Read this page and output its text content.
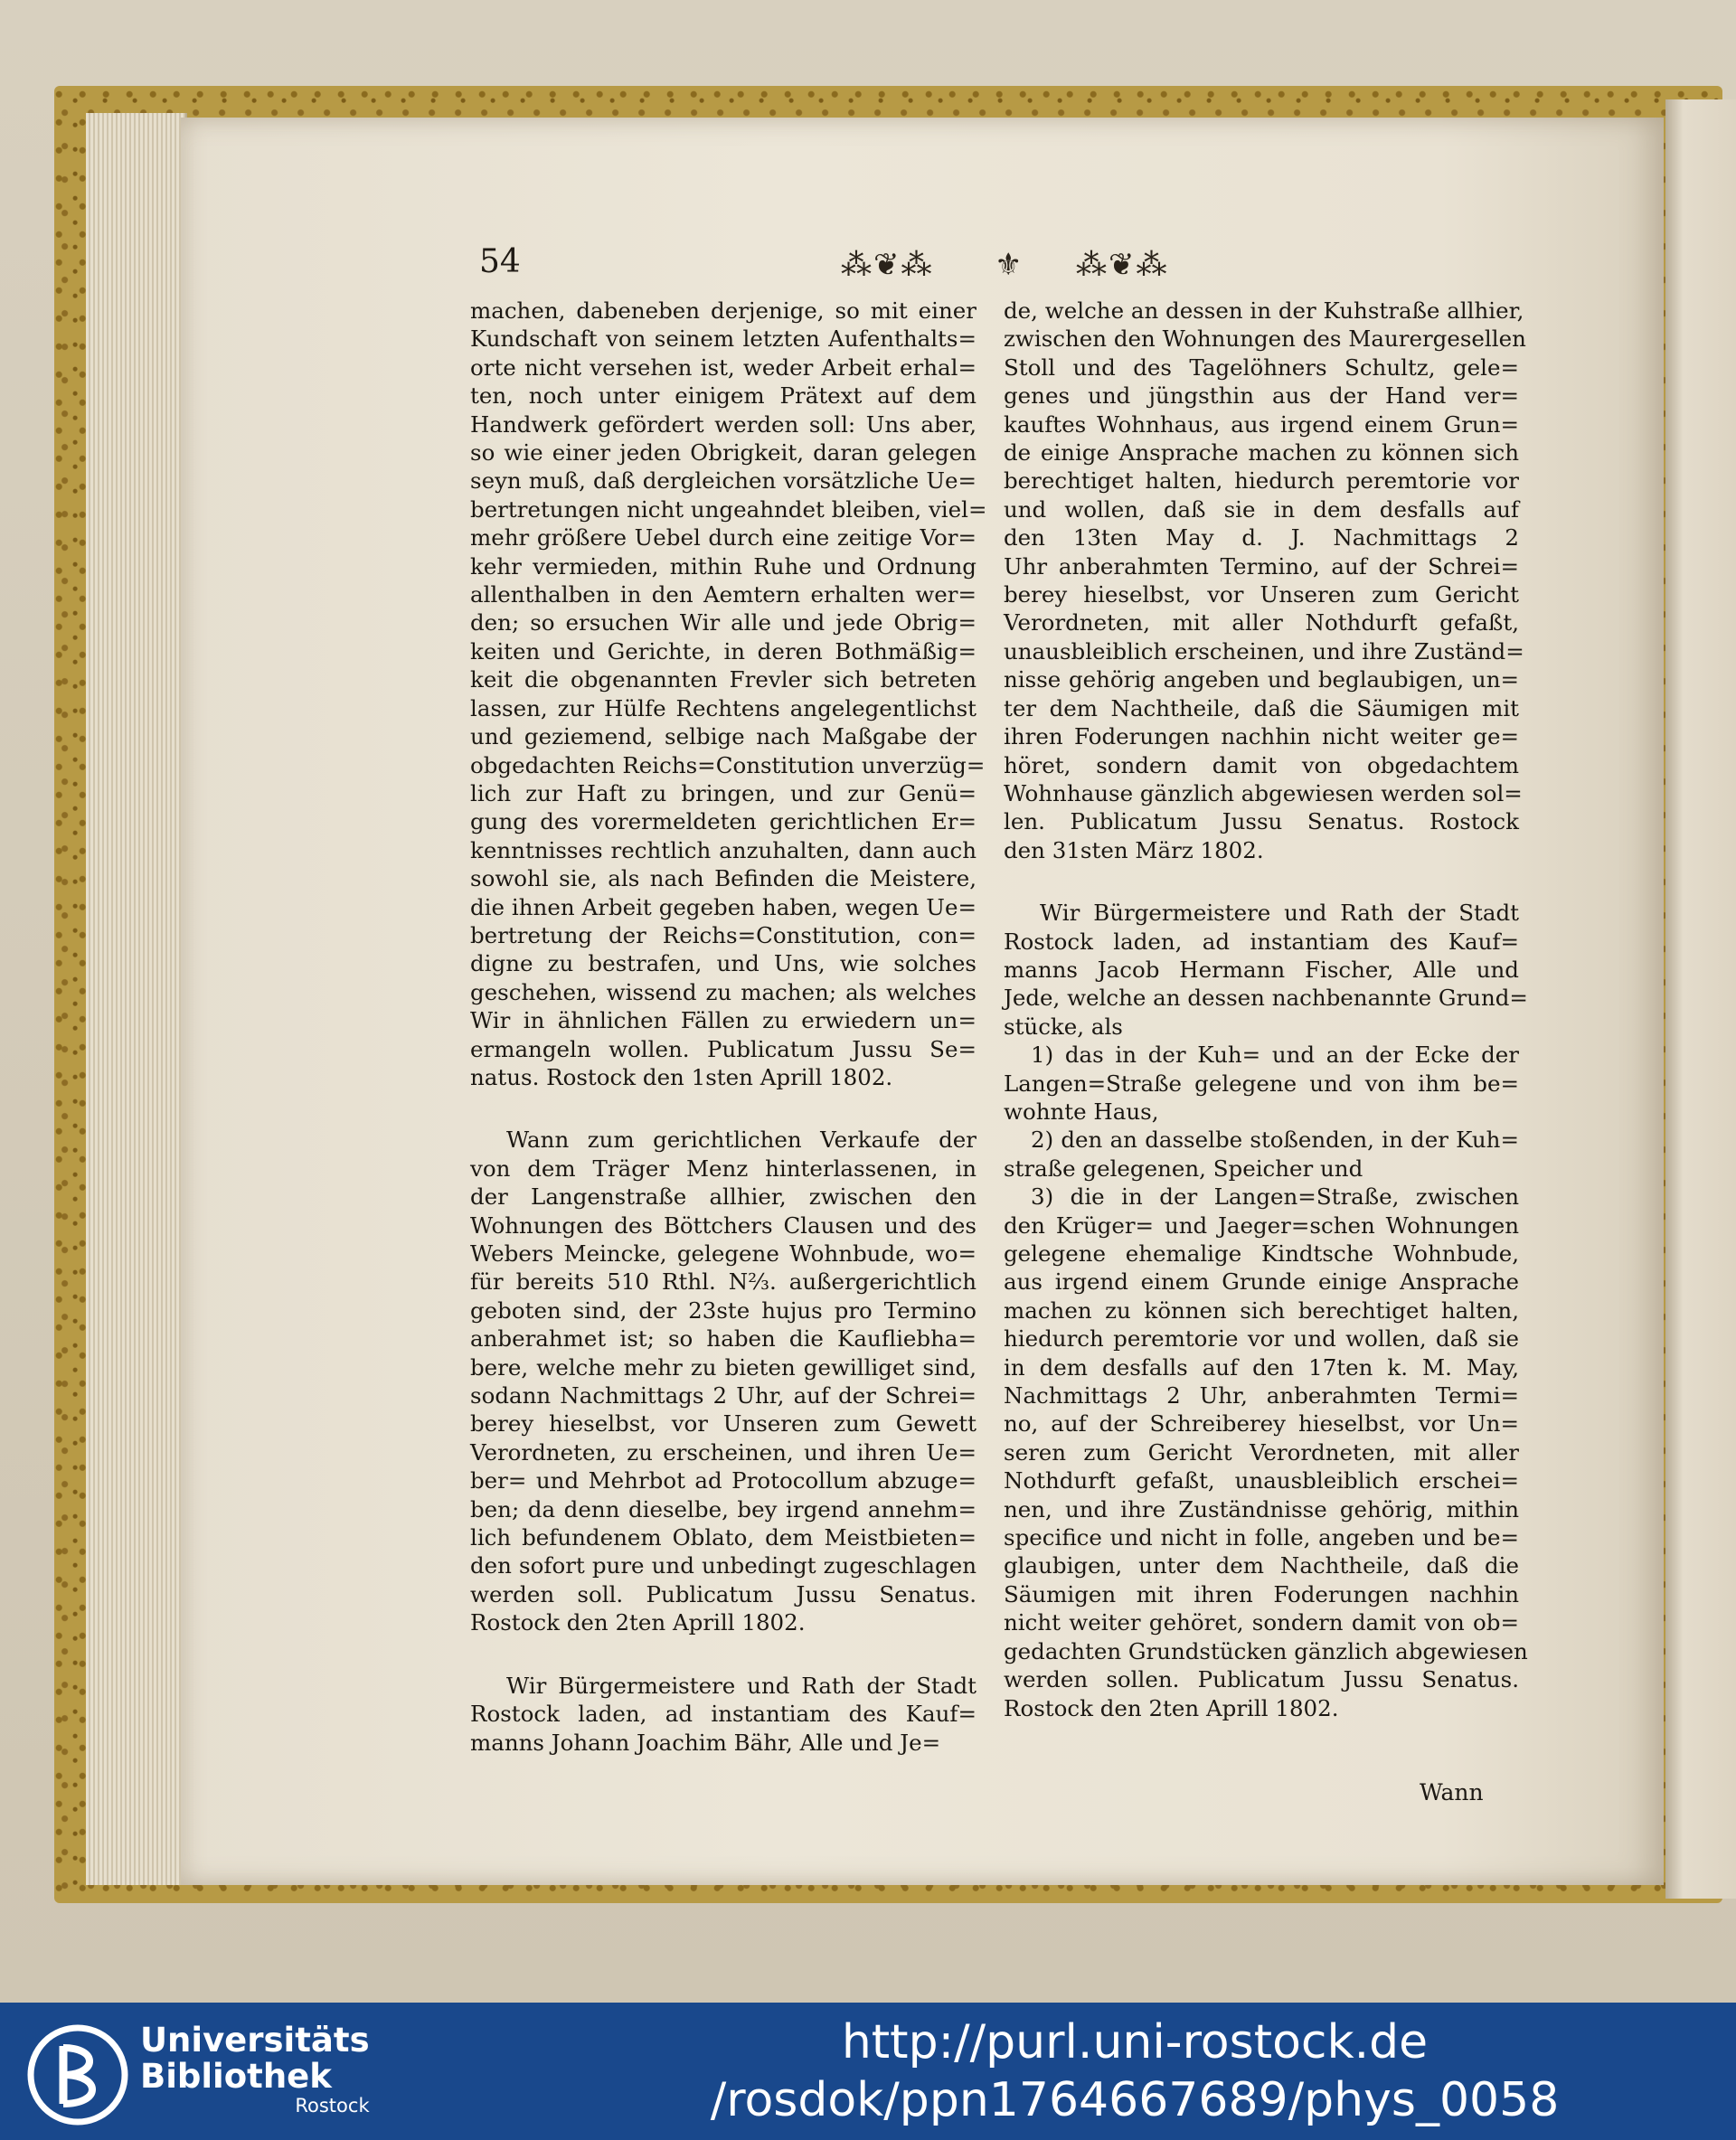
54	⁂❦⁂ ⚜ ⁂❦⁂
machen, dabeneben derjenige, so mit einer
Kundschaft von seinem letzten Aufenthalts=
orte nicht versehen ist, weder Arbeit erhal=
ten, noch unter einigem Prätext auf dem
Handwerk gefördert werden soll: Uns aber,
so wie einer jeden Obrigkeit, daran gelegen
seyn muß, daß dergleichen vorsätzliche Ue=
bertretungen nicht ungeahndet bleiben, viel=
mehr größere Uebel durch eine zeitige Vor=
kehr vermieden, mithin Ruhe und Ordnung
allenthalben in den Aemtern erhalten wer=
den; so ersuchen Wir alle und jede Obrig=
keiten und Gerichte, in deren Bothmäßig=
keit die obgenannten Frevler sich betreten
lassen, zur Hülfe Rechtens angelegentlichst
und geziemend, selbige nach Maßgabe der
obgedachten Reichs=Constitution unverzüg=
lich zur Haft zu bringen, und zur Genü=
gung des vorermeldeten gerichtlichen Er=
kenntnisses rechtlich anzuhalten, dann auch
sowohl sie, als nach Befinden die Meistere,
die ihnen Arbeit gegeben haben, wegen Ue=
bertretung der Reichs=Constitution, con=
digne zu bestrafen, und Uns, wie solches
geschehen, wissend zu machen; als welches
Wir in ähnlichen Fällen zu erwiedern un=
ermangeln wollen. Publicatum Jussu Se=
natus. Rostock den 1sten Aprill 1802.
Wann zum gerichtlichen Verkaufe der
von dem Träger Menz hinterlassenen, in
der Langenstraße allhier, zwischen den
Wohnungen des Böttchers Clausen und des
Webers Meincke, gelegene Wohnbude, wo=
für bereits 510 Rthl. N⅔. außergerichtlich
geboten sind, der 23ste hujus pro Termino
anberahmet ist; so haben die Kaufliebha=
bere, welche mehr zu bieten gewilliget sind,
sodann Nachmittags 2 Uhr, auf der Schrei=
berey hieselbst, vor Unseren zum Gewett
Verordneten, zu erscheinen, und ihren Ue=
ber= und Mehrbot ad Protocollum abzuge=
ben; da denn dieselbe, bey irgend annehm=
lich befundenem Oblato, dem Meistbieten=
den sofort pure und unbedingt zugeschlagen
werden soll. Publicatum Jussu Senatus.
Rostock den 2ten Aprill 1802.
Wir Bürgermeistere und Rath der Stadt
Rostock laden, ad instantiam des Kauf=
manns Johann Joachim Bähr, Alle und Je=
de, welche an dessen in der Kuhstraße allhier,
zwischen den Wohnungen des Maurergesellen
Stoll und des Tagelöhners Schultz, gele=
genes und jüngsthin aus der Hand ver=
kauftes Wohnhaus, aus irgend einem Grun=
de einige Ansprache machen zu können sich
berechtiget halten, hiedurch peremtorie vor
und wollen, daß sie in dem desfalls auf
den 13ten May d. J. Nachmittags 2
Uhr anberahmten Termino, auf der Schrei=
berey hieselbst, vor Unseren zum Gericht
Verordneten, mit aller Nothdurft gefaßt,
unausbleiblich erscheinen, und ihre Zuständ=
nisse gehörig angeben und beglaubigen, un=
ter dem Nachtheile, daß die Säumigen mit
ihren Foderungen nachhin nicht weiter ge=
höret, sondern damit von obgedachtem
Wohnhause gänzlich abgewiesen werden sol=
len. Publicatum Jussu Senatus. Rostock
den 31sten März 1802.
Wir Bürgermeistere und Rath der Stadt
Rostock laden, ad instantiam des Kauf=
manns Jacob Hermann Fischer, Alle und
Jede, welche an dessen nachbenannte Grund=
stücke, als
1) das in der Kuh= und an der Ecke der
Langen=Straße gelegene und von ihm be=
wohnte Haus,
2) den an dasselbe stoßenden, in der Kuh=
straße gelegenen, Speicher und
3) die in der Langen=Straße, zwischen
den Krüger= und Jaeger=schen Wohnungen
gelegene ehemalige Kindtsche Wohnbude,
aus irgend einem Grunde einige Ansprache
machen zu können sich berechtiget halten,
hiedurch peremtorie vor und wollen, daß sie
in dem desfalls auf den 17ten k. M. May,
Nachmittags 2 Uhr, anberahmten Termi=
no, auf der Schreiberey hieselbst, vor Un=
seren zum Gericht Verordneten, mit aller
Nothdurft gefaßt, unausbleiblich erschei=
nen, und ihre Zuständnisse gehörig, mithin
specifice und nicht in folle, angeben und be=
glaubigen, unter dem Nachtheile, daß die
Säumigen mit ihren Foderungen nachhin
nicht weiter gehöret, sondern damit von ob=
gedachten Grundstücken gänzlich abgewiesen
werden sollen. Publicatum Jussu Senatus.
Rostock den 2ten Aprill 1802.
Wann
Universitäts
Bibliothek
Rostock
http://purl.uni-rostock.de
/rosdok/ppn1764667689/phys_0058
